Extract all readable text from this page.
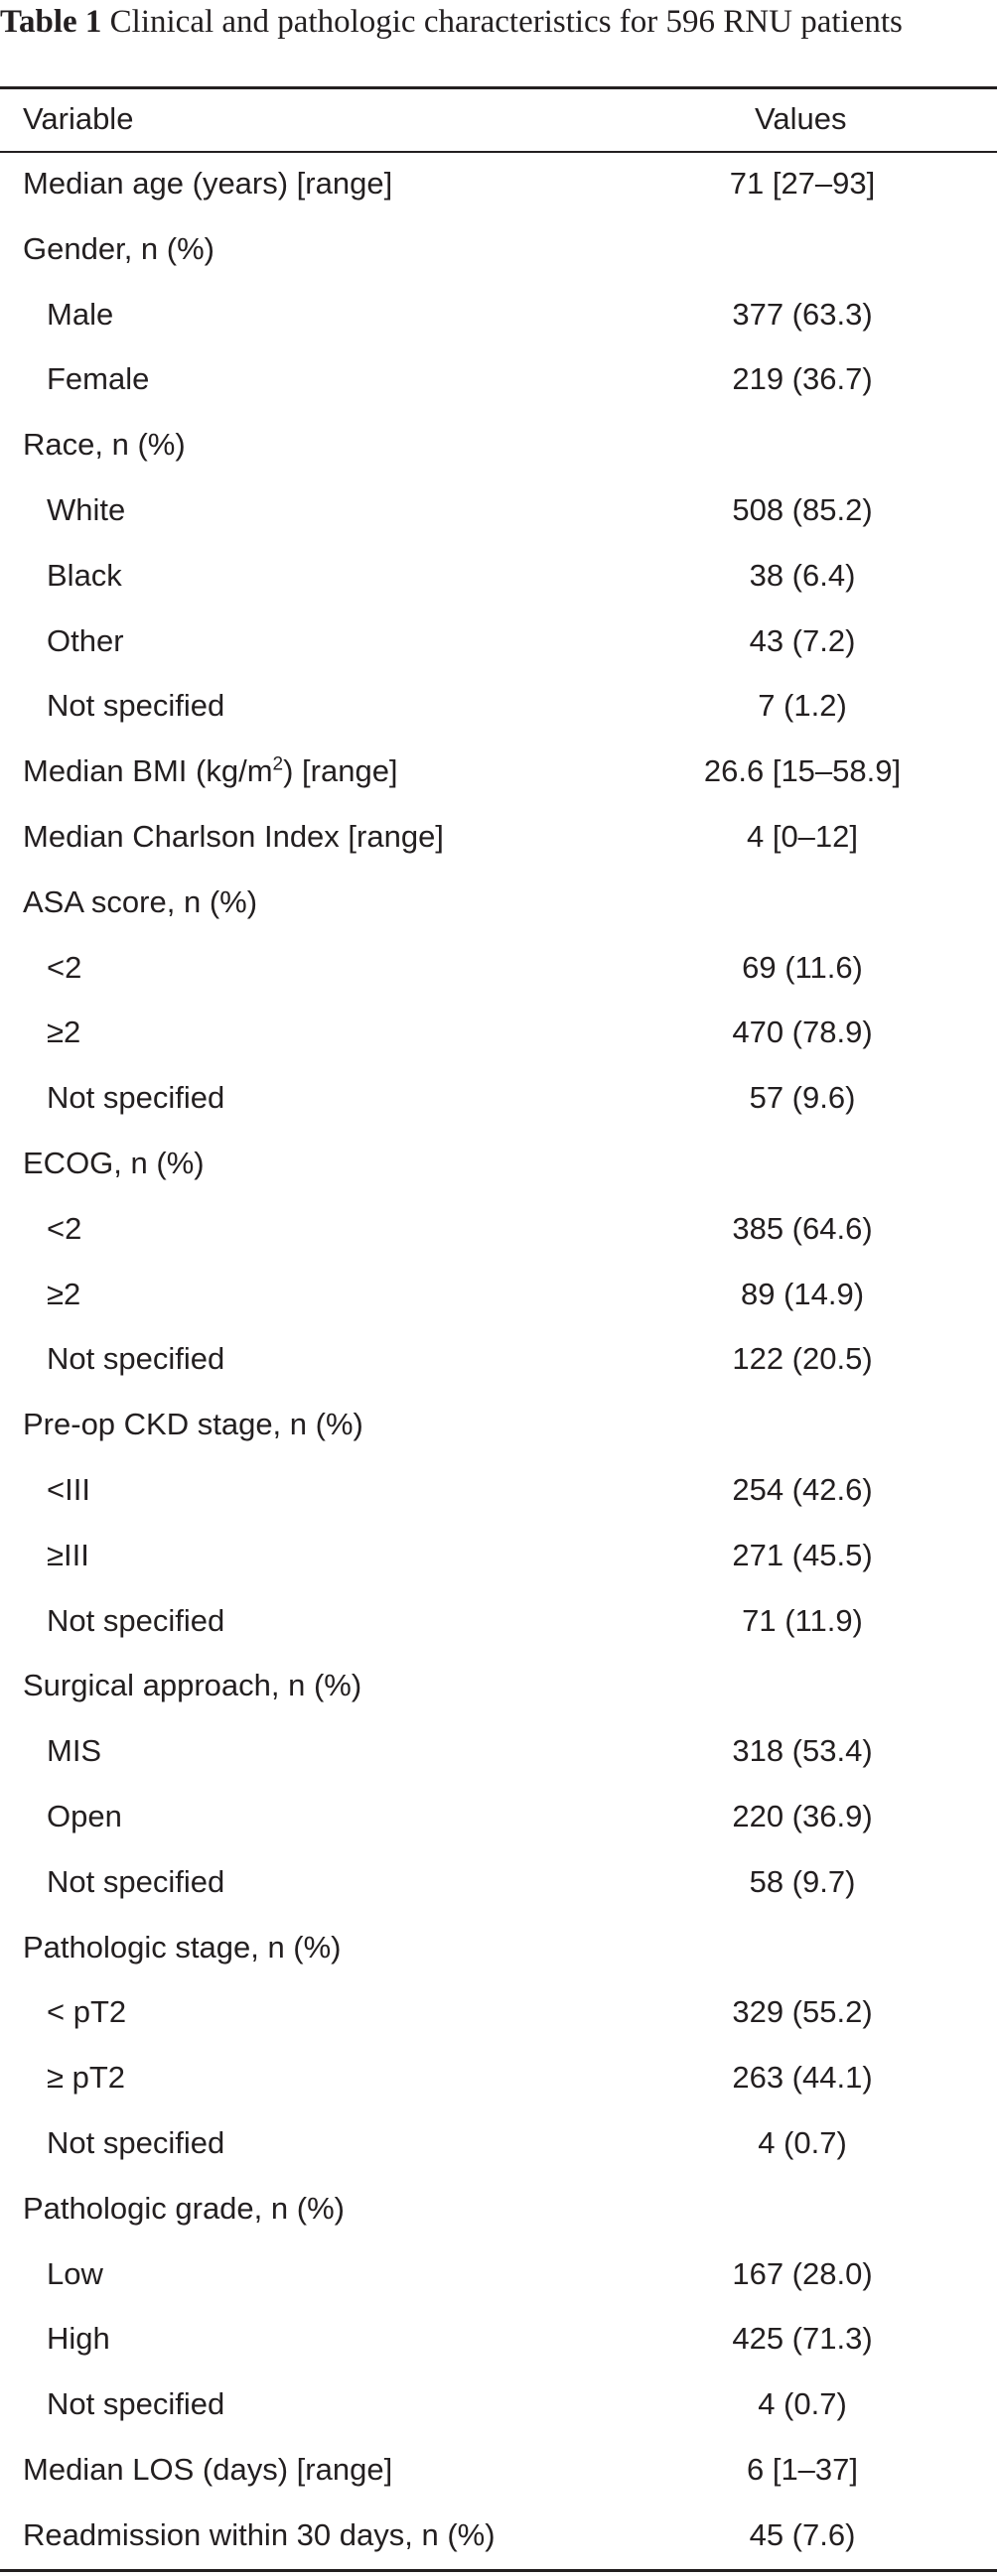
Table 1 Clinical and pathologic characteristics for 596 RNU patients
Variable	Values
Median age (years) [range]	71 [27–93]
Gender, n (%)
Male	377 (63.3)
Female	219 (36.7)
Race, n (%)
White	508 (85.2)
Black	38 (6.4)
Other	43 (7.2)
Not specified	7 (1.2)
Median BMI $(kg/m^2)$ [range]	26.6 [15–58.9]
Median Charlson Index [range]	4 [0–12]
ASA score, n (%)
<2	69 (11.6)
≥2	470 (78.9)
Not specified	57 (9.6)
ECOG, n (%)
<2	385 (64.6)
≥2	89 (14.9)
Not specified	122 (20.5)
Pre-op CKD stage, n (%)
<III	254 (42.6)
≥III	271 (45.5)
Not specified	71 (11.9)
Surgical approach, n (%)
MIS	318 (53.4)
Open	220 (36.9)
Not specified	58 (9.7)
Pathologic stage, n (%)
< pT2	329 (55.2)
≥ pT2	263 (44.1)
Not specified	4 (0.7)
Pathologic grade, n (%)
Low	167 (28.0)
High	425 (71.3)
Not specified	4 (0.7)
Median LOS (days) [range]	6 [1–37]
Readmission within 30 days, n (%)	45 (7.6)
